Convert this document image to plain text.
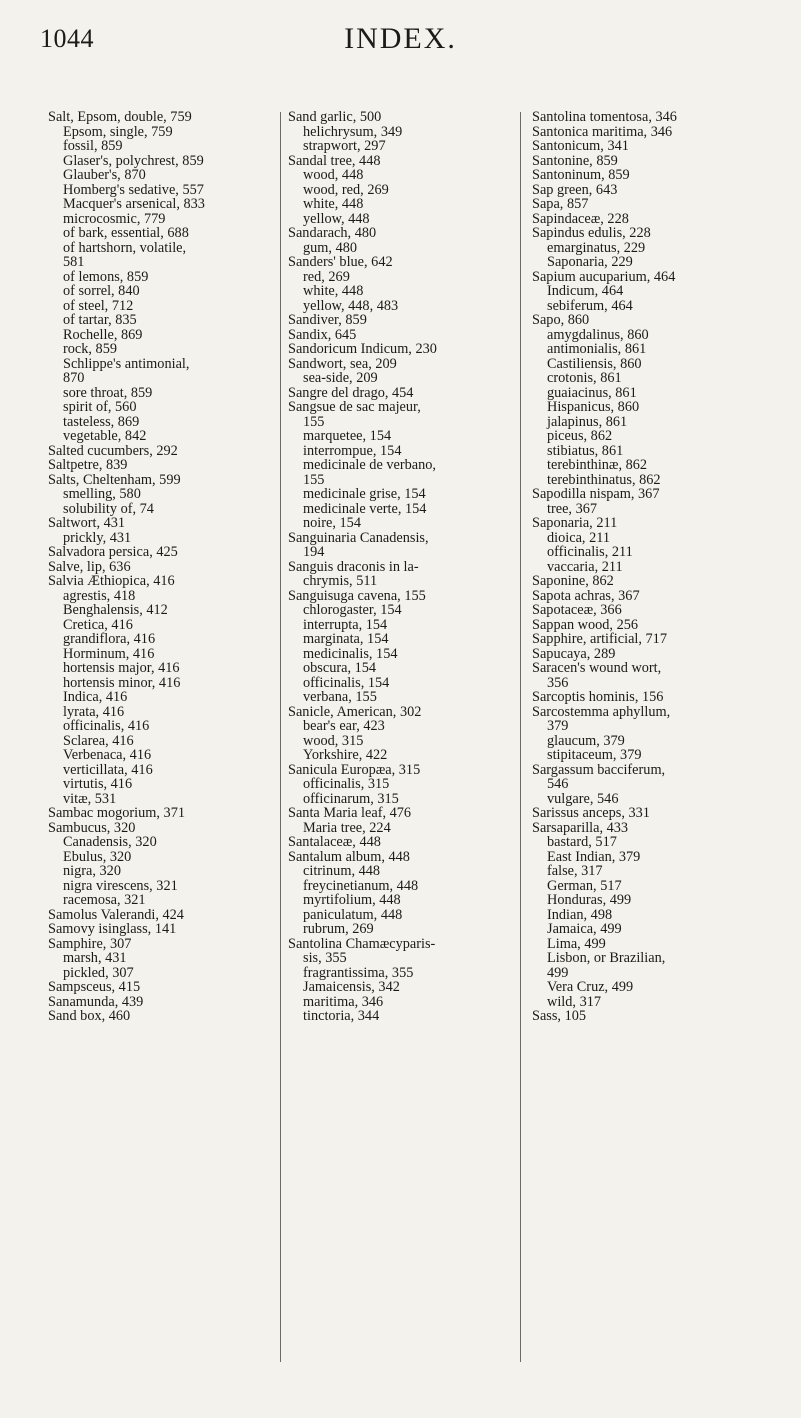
1044	INDEX.
Salt, Epsom, double, 759
Epsom, single, 759
fossil, 859
Glaser's, polychrest, 859
Glauber's, 870
Homberg's sedative, 557
Macquer's arsenical, 833
microcosmic, 779
of bark, essential, 688
of hartshorn, volatile,
581
of lemons, 859
of sorrel, 840
of steel, 712
of tartar, 835
Rochelle, 869
rock, 859
Schlippe's antimonial,
870
sore throat, 859
spirit of, 560
tasteless, 869
vegetable, 842
Salted cucumbers, 292
Saltpetre, 839
Salts, Cheltenham, 599
smelling, 580
solubility of, 74
Saltwort, 431
prickly, 431
Salvadora persica, 425
Salve, lip, 636
Salvia Æthiopica, 416
agrestis, 418
Benghalensis, 412
Cretica, 416
grandiflora, 416
Horminum, 416
hortensis major, 416
hortensis minor, 416
Indica, 416
lyrata, 416
officinalis, 416
Sclarea, 416
Verbenaca, 416
verticillata, 416
virtutis, 416
vitæ, 531
Sambac mogorium, 371
Sambucus, 320
Canadensis, 320
Ebulus, 320
nigra, 320
nigra virescens, 321
racemosa, 321
Samolus Valerandi, 424
Samovy isinglass, 141
Samphire, 307
marsh, 431
pickled, 307
Sampsceus, 415
Sanamunda, 439
Sand box, 460
Sand garlic, 500
helichrysum, 349
strapwort, 297
Sandal tree, 448
wood, 448
wood, red, 269
white, 448
yellow, 448
Sandarach, 480
gum, 480
Sanders' blue, 642
red, 269
white, 448
yellow, 448, 483
Sandiver, 859
Sandix, 645
Sandoricum Indicum, 230
Sandwort, sea, 209
sea-side, 209
Sangre del drago, 454
Sangsue de sac majeur,
155
marquetee, 154
interrompue, 154
medicinale de verbano,
155
medicinale grise, 154
medicinale verte, 154
noire, 154
Sanguinaria Canadensis,
194
Sanguis draconis in la-
chrymis, 511
Sanguisuga cavena, 155
chlorogaster, 154
interrupta, 154
marginata, 154
medicinalis, 154
obscura, 154
officinalis, 154
verbana, 155
Sanicle, American, 302
bear's ear, 423
wood, 315
Yorkshire, 422
Sanicula Europæa, 315
officinalis, 315
officinarum, 315
Santa Maria leaf, 476
Maria tree, 224
Santalaceæ, 448
Santalum album, 448
citrinum, 448
freycinetianum, 448
myrtifolium, 448
paniculatum, 448
rubrum, 269
Santolina Chamæcyparis-
sis, 355
fragrantissima, 355
Jamaicensis, 342
maritima, 346
tinctoria, 344
Santolina tomentosa, 346
Santonica maritima, 346
Santonicum, 341
Santonine, 859
Santoninum, 859
Sap green, 643
Sapa, 857
Sapindaceæ, 228
Sapindus edulis, 228
emarginatus, 229
Saponaria, 229
Sapium aucuparium, 464
Indicum, 464
sebiferum, 464
Sapo, 860
amygdalinus, 860
antimonialis, 861
Castiliensis, 860
crotonis, 861
guaiacinus, 861
Hispanicus, 860
jalapinus, 861
piceus, 862
stibiatus, 861
terebinthinæ, 862
terebinthinatus, 862
Sapodilla nispam, 367
tree, 367
Saponaria, 211
dioica, 211
officinalis, 211
vaccaria, 211
Saponine, 862
Sapota achras, 367
Sapotaceæ, 366
Sappan wood, 256
Sapphire, artificial, 717
Sapucaya, 289
Saracen's wound wort,
356
Sarcoptis hominis, 156
Sarcostemma aphyllum,
379
glaucum, 379
stipitaceum, 379
Sargassum bacciferum,
546
vulgare, 546
Sarissus anceps, 331
Sarsaparilla, 433
bastard, 517
East Indian, 379
false, 317
German, 517
Honduras, 499
Indian, 498
Jamaica, 499
Lima, 499
Lisbon, or Brazilian,
499
Vera Cruz, 499
wild, 317
Sass, 105
